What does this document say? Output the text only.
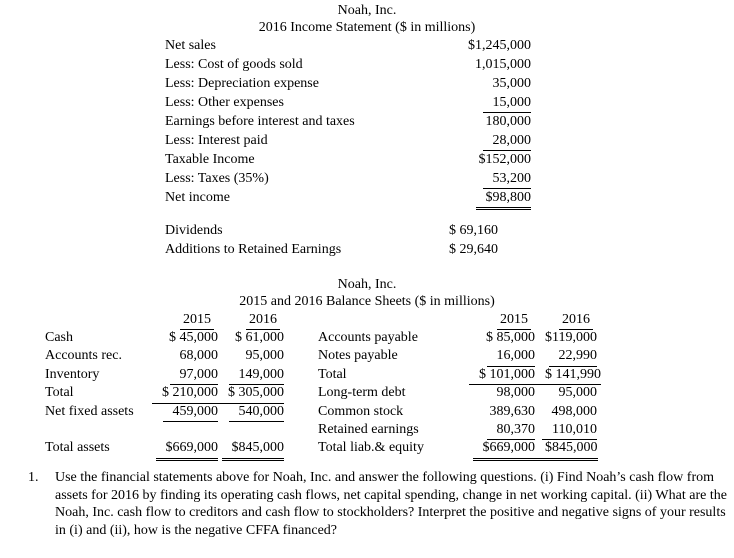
Noah, Inc.
2016 Income Statement ($ in millions)
Net sales	$1,245,000
Less: Cost of goods sold	1,015,000
Less: Depreciation expense	35,000
Less: Other expenses	15,000
Earnings before interest and taxes	180,000
Less: Interest paid	28,000
Taxable Income	$152,000
Less: Taxes (35%)	53,200
Net income	$98,800
Dividends	$ 69,160
Additions to Retained Earnings	$ 29,640
Noah, Inc.
2015 and 2016 Balance Sheets ($ in millions)
2015	2016	2015	2016
Cash	$ 45,000	$ 61,000	Accounts payable	$ 85,000 $119,000
Accounts rec.	68,000	95,000	Notes payable	16,000	22,990
Inventory	97,000	149,000	Total	$ 101,000 $ 141,990
Total	$ 210,000 $ 305,000	Long-term debt	98,000	95,000
Net fixed assets	459,000	540,000	Common stock	389,630	498,000
Retained earnings	80,370	110,010
Total assets	$669,000 $845,000	Total liab.& equity	$669,000 $845,000
1. Use the financial statements above for Noah, Inc. and answer the following questions. (i) Find Noah’s cash flow from assets for 2016 by finding its operating cash flows, net capital spending, change in net working capital. (ii) What are the Noah, Inc. cash flow to creditors and cash flow to stockholders? Interpret the positive and negative signs of your results in (i) and (ii), how is the negative CFFA financed?
